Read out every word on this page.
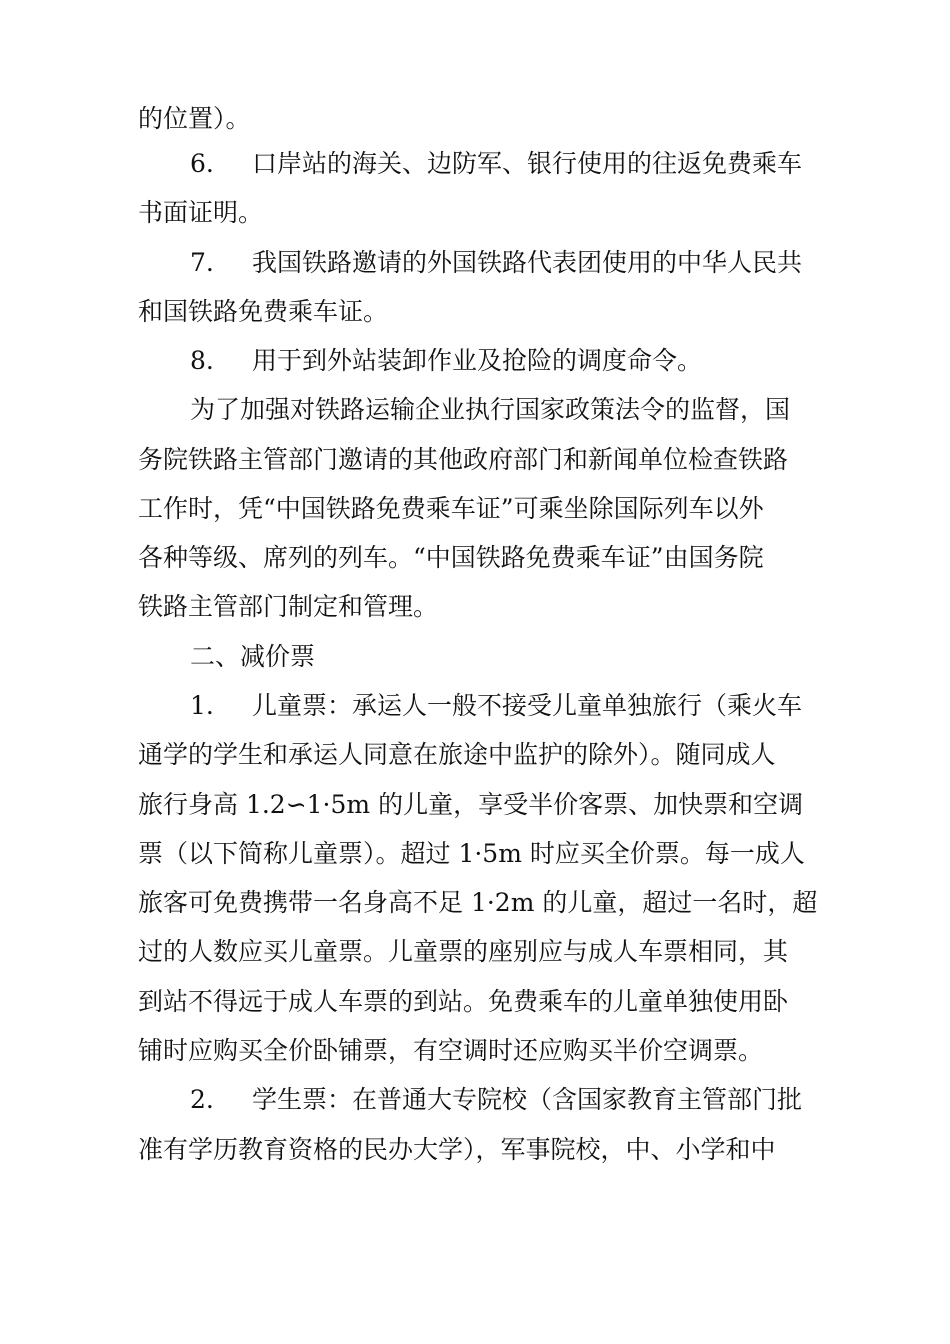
的位置）。
6. 口岸站的海关、边防军、银行使用的往返免费乘车
书面证明。
7. 我国铁路邀请的外国铁路代表团使用的中华人民共
和国铁路免费乘车证。
8. 用于到外站装卸作业及抢险的调度命令。
为了加强对铁路运输企业执行国家政策法令的监督，国
务院铁路主管部门邀请的其他政府部门和新闻单位检查铁路
工作时，凭“中国铁路免费乘车证”可乘坐除国际列车以外
各种等级、席列的列车。“中国铁路免费乘车证”由国务院
铁路主管部门制定和管理。
二、减价票
1. 儿童票：承运人一般不接受儿童单独旅行（乘火车
通学的学生和承运人同意在旅途中监护的除外）。随同成人
旅行身高 1.2∽1·5m 的儿童，享受半价客票、加快票和空调
票（以下简称儿童票）。超过 1·5m 时应买全价票。每一成人
旅客可免费携带一名身高不足 1·2m 的儿童，超过一名时，超
过的人数应买儿童票。儿童票的座别应与成人车票相同，其
到站不得远于成人车票的到站。免费乘车的儿童单独使用卧
铺时应购买全价卧铺票，有空调时还应购买半价空调票。
2. 学生票：在普通大专院校（含国家教育主管部门批
准有学历教育资格的民办大学），军事院校，中、小学和中
